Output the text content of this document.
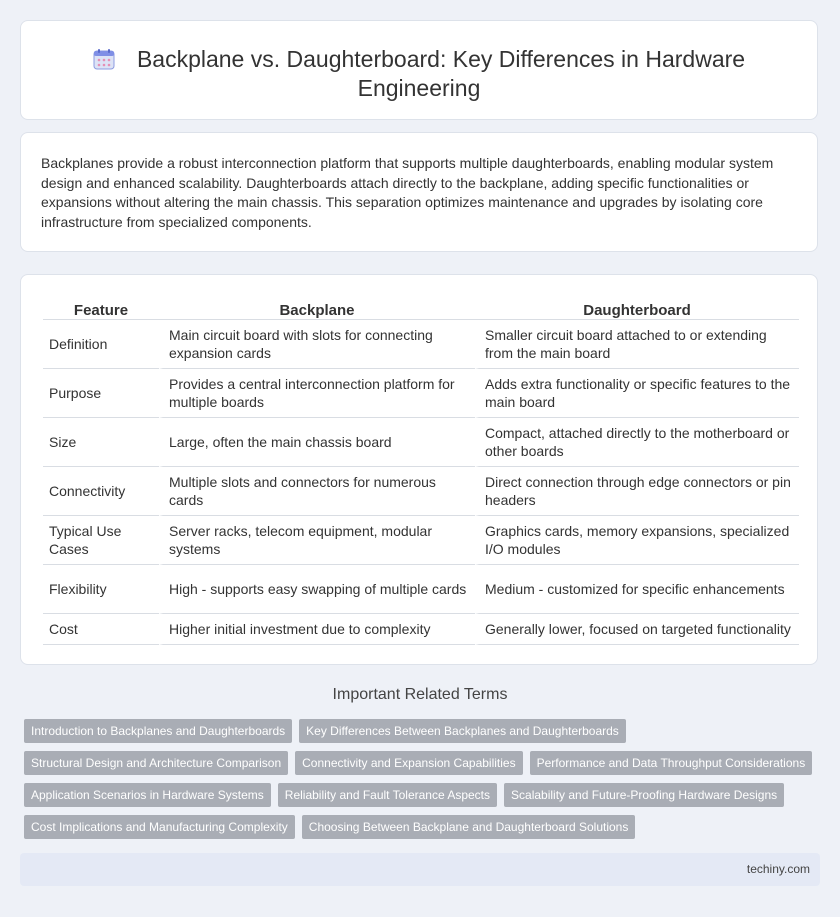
Backplane vs. Daughterboard: Key Differences in Hardware Engineering
Backplanes provide a robust interconnection platform that supports multiple daughterboards, enabling modular system design and enhanced scalability. Daughterboards attach directly to the backplane, adding specific functionalities or expansions without altering the main chassis. This separation optimizes maintenance and upgrades by isolating core infrastructure from specialized components.
Feature	Backplane	Daughterboard
Definition	Main circuit board with slots for connecting expansion cards	Smaller circuit board attached to or extending from the main board
Purpose	Provides a central interconnection platform for multiple boards	Adds extra functionality or specific features to the main board
Size	Large, often the main chassis board	Compact, attached directly to the motherboard or other boards
Connectivity	Multiple slots and connectors for numerous cards	Direct connection through edge connectors or pin headers
Typical Use Cases	Server racks, telecom equipment, modular systems	Graphics cards, memory expansions, specialized I/O modules
Flexibility	High - supports easy swapping of multiple cards	Medium - customized for specific enhancements
Cost	Higher initial investment due to complexity	Generally lower, focused on targeted functionality
Important Related Terms
Introduction to Backplanes and Daughterboards	Key Differences Between Backplanes and Daughterboards
Structural Design and Architecture Comparison	Connectivity and Expansion Capabilities	Performance and Data Throughput Considerations
Application Scenarios in Hardware Systems	Reliability and Fault Tolerance Aspects	Scalability and Future-Proofing Hardware Designs
Cost Implications and Manufacturing Complexity	Choosing Between Backplane and Daughterboard Solutions
techiny.com
